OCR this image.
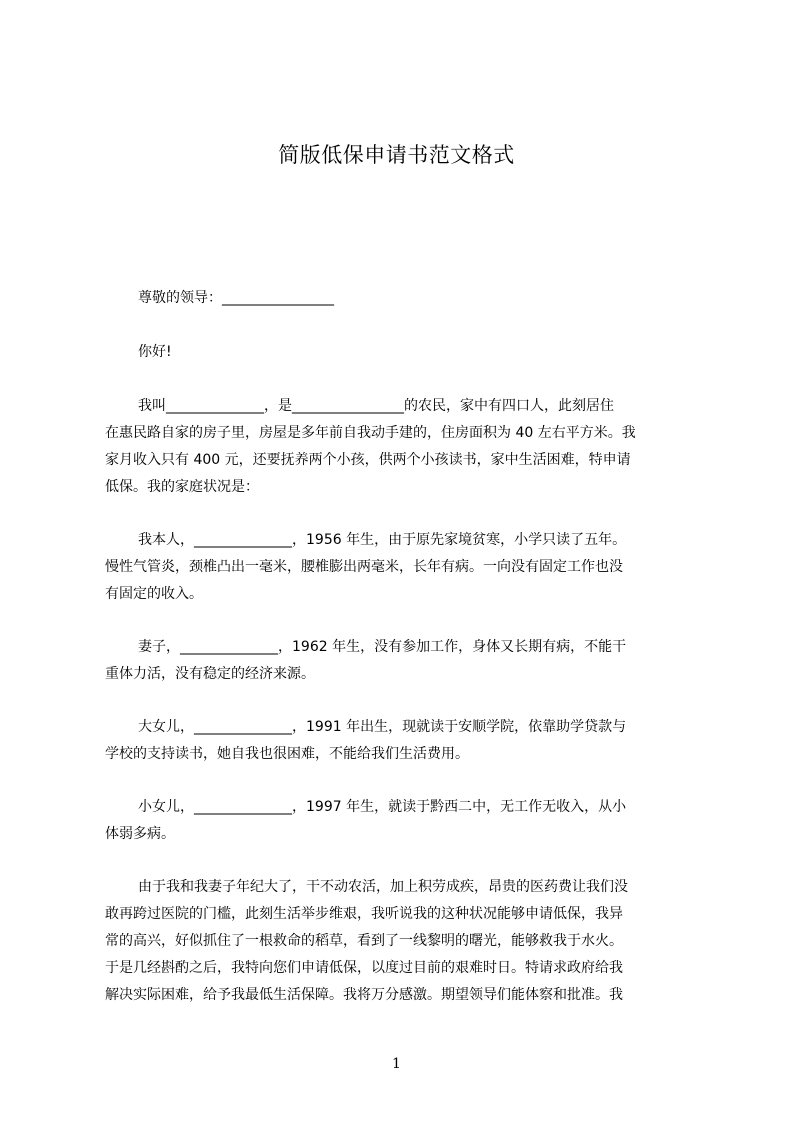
简版低保申请书范文格式
尊敬的领导：________________
你好!
我叫______________，是________________的农民，家中有四口人，此刻居住
在惠民路自家的房子里，房屋是多年前自我动手建的，住房面积为 40 左右平方米。我
家月收入只有 400 元，还要抚养两个小孩，供两个小孩读书，家中生活困难，特申请
低保。我的家庭状况是：
我本人，______________，1956 年生，由于原先家境贫寒，小学只读了五年。
慢性气管炎，颈椎凸出一毫米，腰椎膨出两毫米，长年有病。一向没有固定工作也没
有固定的收入。
妻子，______________，1962 年生，没有参加工作，身体又长期有病，不能干
重体力活，没有稳定的经济来源。
大女儿，______________，1991 年出生，现就读于安顺学院，依靠助学贷款与
学校的支持读书，她自我也很困难，不能给我们生活费用。
小女儿，______________，1997 年生，就读于黔西二中，无工作无收入，从小
体弱多病。
由于我和我妻子年纪大了，干不动农活，加上积劳成疾，昂贵的医药费让我们没
敢再跨过医院的门槛，此刻生活举步维艰，我听说我的这种状况能够申请低保，我异
常的高兴，好似抓住了一根救命的稻草，看到了一线黎明的曙光，能够救我于水火。
于是几经斟酌之后，我特向您们申请低保，以度过目前的艰难时日。特请求政府给我
解决实际困难，给予我最低生活保障。我将万分感激。期望领导们能体察和批准。我
1
